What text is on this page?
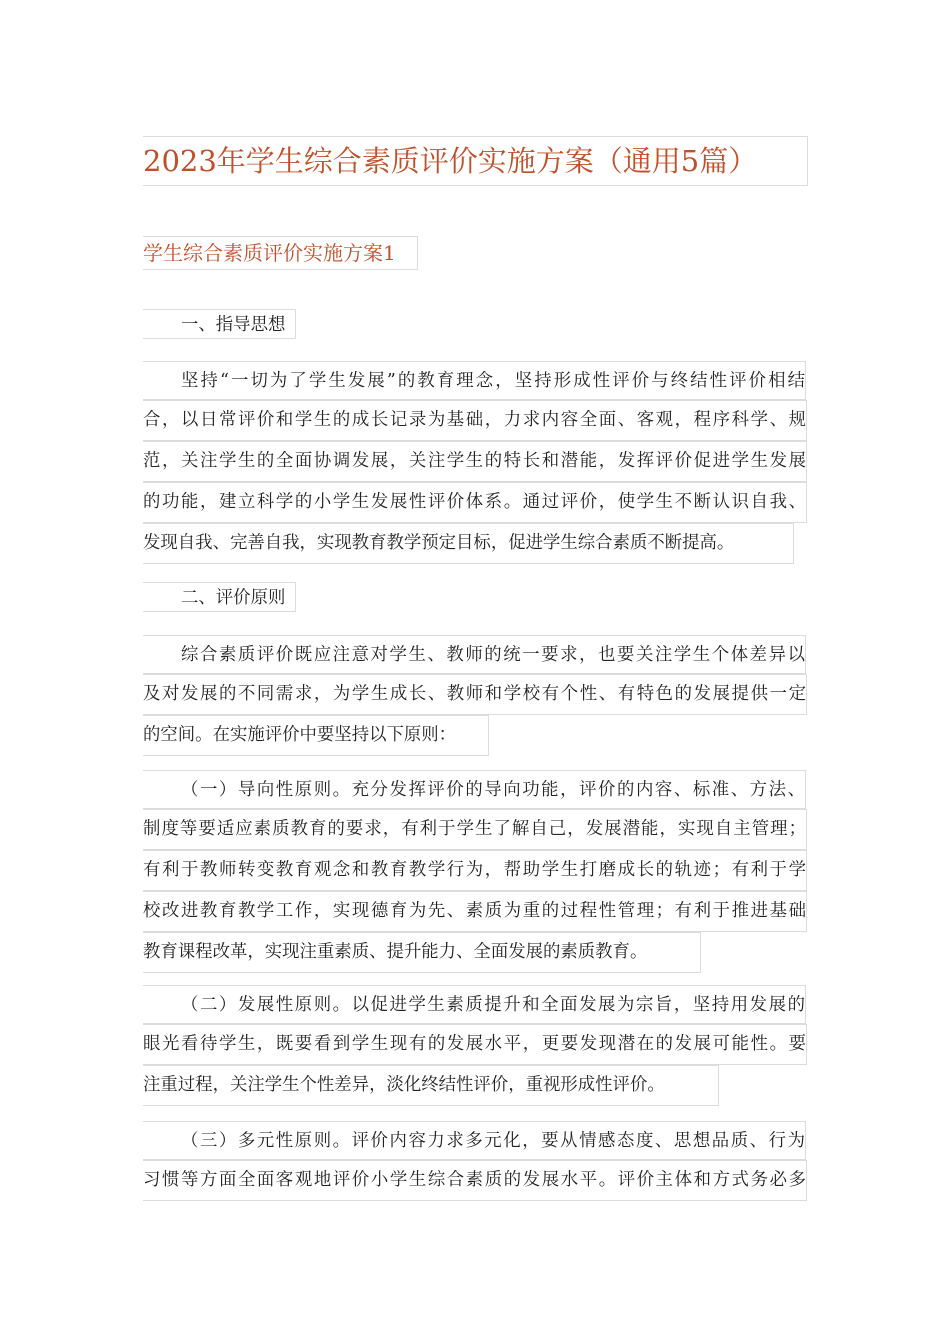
2023年学生综合素质评价实施方案（通用5篇）
学生综合素质评价实施方案1
一、指导思想
坚持“一切为了学生发展”的教育理念，坚持形成性评价与终结性评价相结
合，以日常评价和学生的成长记录为基础，力求内容全面、客观，程序科学、规
范，关注学生的全面协调发展，关注学生的特长和潜能，发挥评价促进学生发展
的功能，建立科学的小学生发展性评价体系。通过评价，使学生不断认识自我、
发现自我、完善自我，实现教育教学预定目标，促进学生综合素质不断提高。
二、评价原则
综合素质评价既应注意对学生、教师的统一要求，也要关注学生个体差异以
及对发展的不同需求，为学生成长、教师和学校有个性、有特色的发展提供一定
的空间。在实施评价中要坚持以下原则：
（一）导向性原则。充分发挥评价的导向功能，评价的内容、标准、方法、
制度等要适应素质教育的要求，有利于学生了解自己，发展潜能，实现自主管理；
有利于教师转变教育观念和教育教学行为，帮助学生打磨成长的轨迹；有利于学
校改进教育教学工作，实现德育为先、素质为重的过程性管理；有利于推进基础
教育课程改革，实现注重素质、提升能力、全面发展的素质教育。
（二）发展性原则。以促进学生素质提升和全面发展为宗旨，坚持用发展的
眼光看待学生，既要看到学生现有的发展水平，更要发现潜在的发展可能性。要
注重过程，关注学生个性差异，淡化终结性评价，重视形成性评价。
（三）多元性原则。评价内容力求多元化，要从情感态度、思想品质、行为
习惯等方面全面客观地评价小学生综合素质的发展水平。评价主体和方式务必多
